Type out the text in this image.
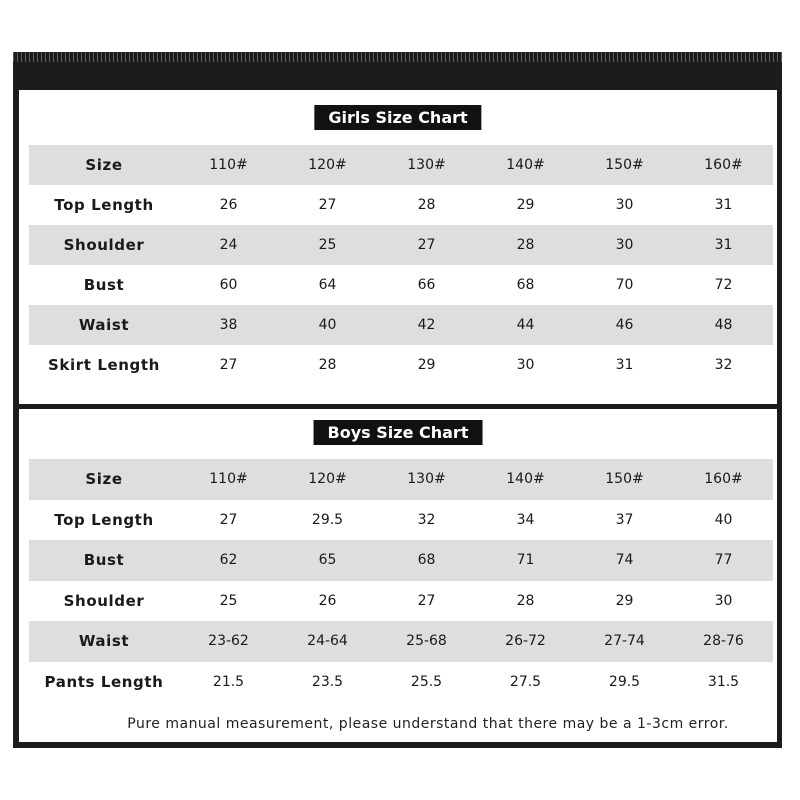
Girls Size Chart
Size	110#	120#	130#	140#	150#	160#
Top Length	26	27	28	29	30	31
Shoulder	24	25	27	28	30	31
Bust	60	64	66	68	70	72
Waist	38	40	42	44	46	48
Skirt Length	27	28	29	30	31	32
Boys Size Chart
Size	110#	120#	130#	140#	150#	160#
Top Length	27	29.5	32	34	37	40
Bust	62	65	68	71	74	77
Shoulder	25	26	27	28	29	30
Waist	23-62	24-64	25-68	26-72	27-74	28-76
Pants Length	21.5	23.5	25.5	27.5	29.5	31.5
Pure manual measurement, please understand that there may be a 1-3cm error.
